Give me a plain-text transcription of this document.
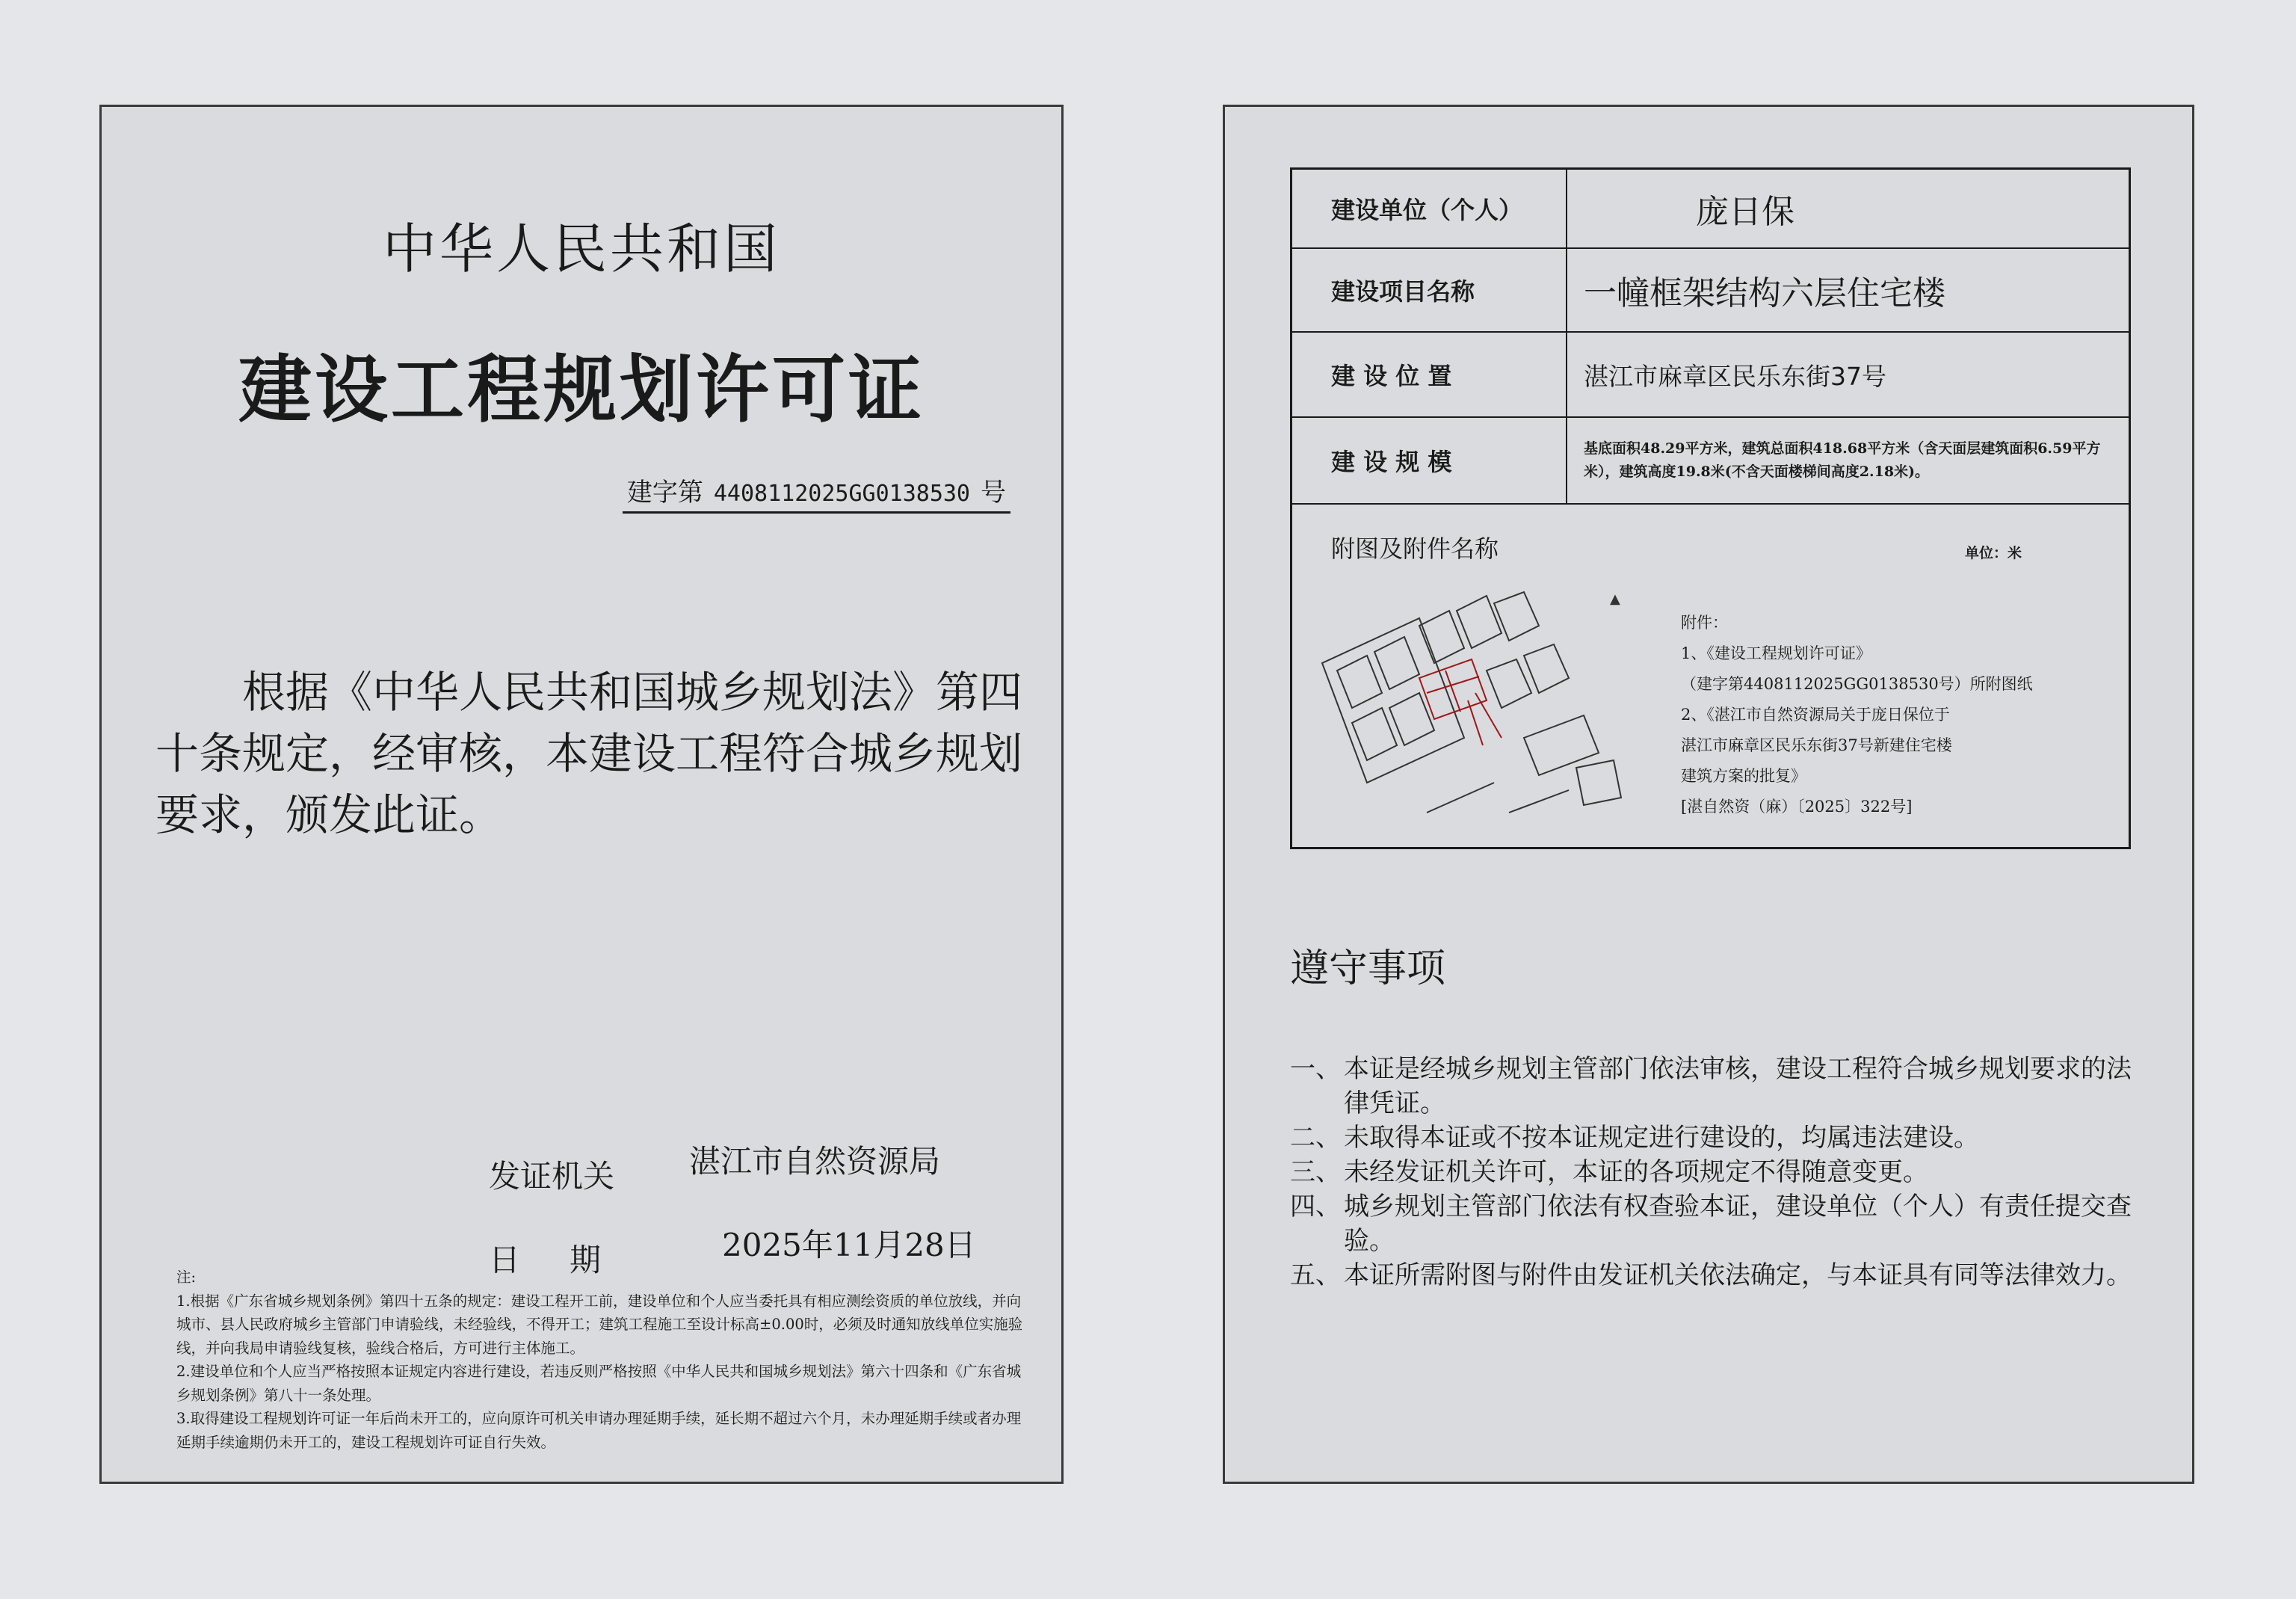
中华人民共和国
建设工程规划许可证
建字第 4408112025GG0138530 号
根据《中华人民共和国城乡规划法》第四十条规定，经审核，本建设工程符合城乡规划要求，颁发此证。
发证机关 湛江市自然资源局
日期 2025年11月28日

注:

1.根据《广东省城乡规划条例》第四十五条的规定：建设工程开工前，建设单位和个人应当委托具有相应测绘资质的单位放线，并向城市、县人民政府城乡主管部门申请验线，未经验线，不得开工；建筑工程施工至设计标高±0.00时，必须及时通知放线单位实施验线，并向我局申请验线复核，验线合格后，方可进行主体施工。

2.建设单位和个人应当严格按照本证规定内容进行建设，若违反则严格按照《中华人民共和国城乡规划法》第六十四条和《广东省城乡规划条例》第八十一条处理。

3.取得建设工程规划许可证一年后尚未开工的，应向原许可机关申请办理延期手续，延长期不超过六个月，未办理延期手续或者办理延期手续逾期仍未开工的，建设工程规划许可证自行失效。

建设单位（个人）	庞日保
建设项目名称	一幢框架结构六层住宅楼
建 设 位 置	湛江市麻章区民乐东街37号
建 设 规 模	基底面积48.29平方米，建筑总面积418.68平方米（含天面层建筑面积6.59平方米），建筑高度19.8米(不含天面楼梯间高度2.18米)。
附图及附件名称	单位：米
▲
附件：
1、《建设工程规划许可证》
（建字第4408112025GG0138530号）所附图纸
2、《湛江市自然资源局关于庞日保位于
湛江市麻章区民乐东街37号新建住宅楼
建筑方案的批复》
[湛自然资（麻）〔2025〕322号]
遵守事项
一、 本证是经城乡规划主管部门依法审核，建设工程符合城乡规划要求的法律凭证。
二、 未取得本证或不按本证规定进行建设的，均属违法建设。
三、 未经发证机关许可，本证的各项规定不得随意变更。
四、 城乡规划主管部门依法有权查验本证，建设单位（个人）有责任提交查验。
五、 本证所需附图与附件由发证机关依法确定，与本证具有同等法律效力。
